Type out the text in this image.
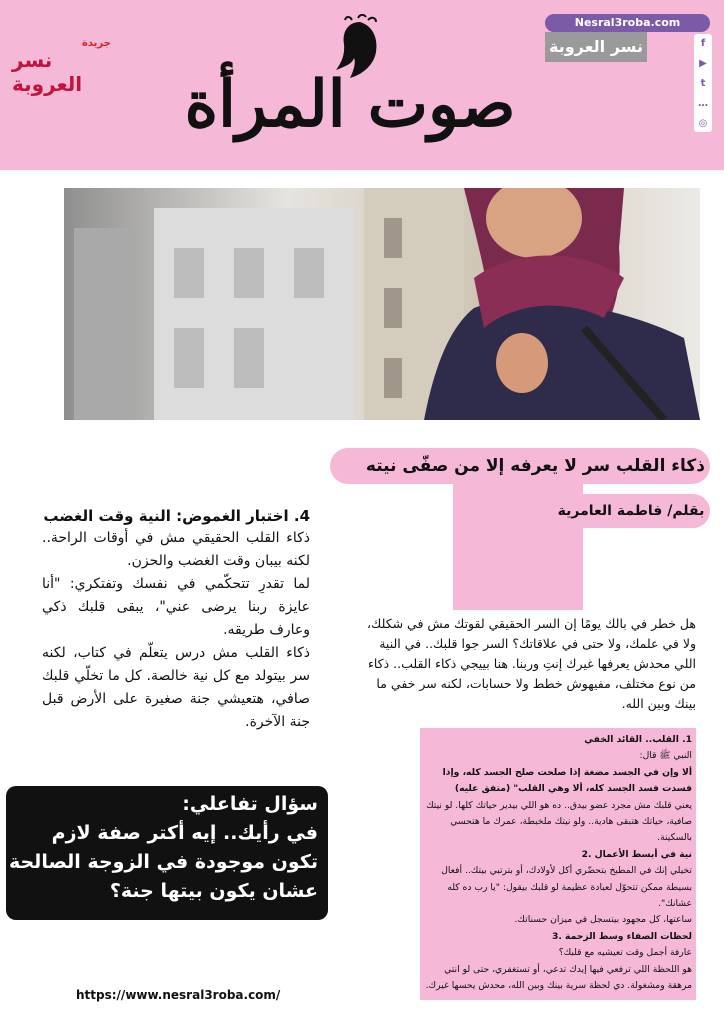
جريدة
نسر العروبة	صوت المرأة
Nesral3roba.com
نسر العروبة	f
▶
t
…
◎
ذكاء القلب سر لا يعرفه إلا من صفّى نيته
بقلم/ فاطمة العامرية
4. اختبار الغموض: النية وقت الغضب
ذكاء القلب الحقيقي مش في أوقات الراحة.. لكنه بيبان وقت الغضب والحزن.
لما تقدرِ تتحكّمي في نفسك وتفتكري: "أنا عايزة ربنا يرضى عني"، يبقى قلبك ذكي وعارف طريقه.
ذكاء القلب مش درس يتعلّم في كتاب، لكنه سر بيتولد مع كل نية خالصة. كل ما تخلّي قلبك صافي، هتعيشي جنة صغيرة على الأرض قبل جنة الآخرة.
هل خطر في بالك يومًا إن السر الحقيقي لقوتك مش في شكلك، ولا في علمك، ولا حتى في علاقاتك؟ السر جوا قلبك.. في النية اللي محدش يعرفها غيرك إنتِ وربنا. هنا بييجي ذكاء القلب.. ذكاء من نوع مختلف، مفيهوش خطط ولا حسابات، لكنه سر خفي ما بينك وبين الله.
1. القلب.. القائد الخفي
النبي ﷺ قال:
ألا وإن في الجسد مضغة إذا صلحت صلح الجسد كله، وإذا فسدت فسد الجسد كله، ألا وهي القلب" (متفق عليه)
يعني قلبك مش مجرد عضو بيدق.. ده هو اللي بيدير حياتك كلها. لو نيتك صافية، حياتك هتبقى هادية.. ولو نيتك ملخبطة، عمرك ما هتحسي بالسكينة.
نية في أبسط الأعمال .2
تخيلي إنك في المطبخ بتحضّري أكل لأولادك، أو بترتبي بيتك.. أفعال بسيطة ممكن تتحوّل لعبادة عظيمة لو قلبك بيقول: "يا رب ده كله عشانك".
ساعتها، كل مجهود بيتسجل في ميزان حسناتك.
لحظات الصفاء وسط الزحمة .3
عارفة أجمل وقت تعيشيه مع قلبك؟
هو اللحظة اللي ترفعي فيها إيدك تدعي، أو تستغفري، حتى لو انتي مرهقة ومشغولة. دي لحظة سرية بينك وبين الله، محدش يحسها غيرك.
سؤال تفاعلي:
في رأيك.. إيه أكتر صفة لازم تكون موجودة في الزوجة الصالحة عشان يكون بيتها جنة؟
https://www.nesral3roba.com/
